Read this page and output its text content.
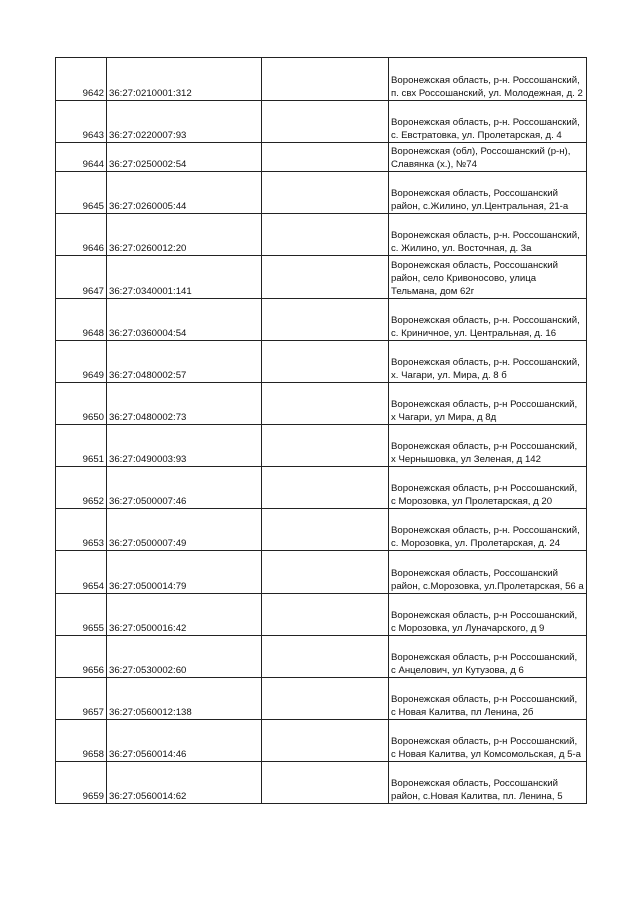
9642	36:27:0210001:312		Воронежская область, р-н. Россошанский, п. свх Россошанский, ул. Молодежная, д. 2
9643	36:27:0220007:93		Воронежская область, р-н. Россошанский, с. Евстратовка, ул. Пролетарская, д. 4
9644	36:27:0250002:54		Воронежская (обл), Россошанский (р-н), Славянка (х.), №74
9645	36:27:0260005:44		Воронежская область, Россошанский район, с.Жилино, ул.Центральная, 21-а
9646	36:27:0260012:20		Воронежская область, р-н. Россошанский, с. Жилино, ул. Восточная, д. 3а
9647	36:27:0340001:141		Воронежская область, Россошанский район, село Кривоносово, улица Тельмана, дом 62г
9648	36:27:0360004:54		Воронежская область, р-н. Россошанский, с. Криничное, ул. Центральная, д. 16
9649	36:27:0480002:57		Воронежская область, р-н. Россошанский, х. Чагари, ул. Мира, д. 8 б
9650	36:27:0480002:73		Воронежская область, р-н Россошанский, х Чагари, ул Мира, д 8д
9651	36:27:0490003:93		Воронежская область, р-н Россошанский, х Чернышовка, ул Зеленая, д 142
9652	36:27:0500007:46		Воронежская область, р-н Россошанский, с Морозовка, ул Пролетарская, д 20
9653	36:27:0500007:49		Воронежская область, р-н. Россошанский, с. Морозовка, ул. Пролетарская, д. 24
9654	36:27:0500014:79		Воронежская область, Россошанский район, с.Морозовка, ул.Пролетарская, 56 а
9655	36:27:0500016:42		Воронежская область, р-н Россошанский, с Морозовка, ул Луначарского, д 9
9656	36:27:0530002:60		Воронежская область, р-н Россошанский, с Анцелович, ул Кутузова, д 6
9657	36:27:0560012:138		Воронежская область, р-н Россошанский, с Новая Калитва, пл Ленина, 2б
9658	36:27:0560014:46		Воронежская область, р-н Россошанский, с Новая Калитва, ул Комсомольская, д 5-а
9659	36:27:0560014:62		Воронежская область, Россошанский район, с.Новая Калитва, пл. Ленина, 5
